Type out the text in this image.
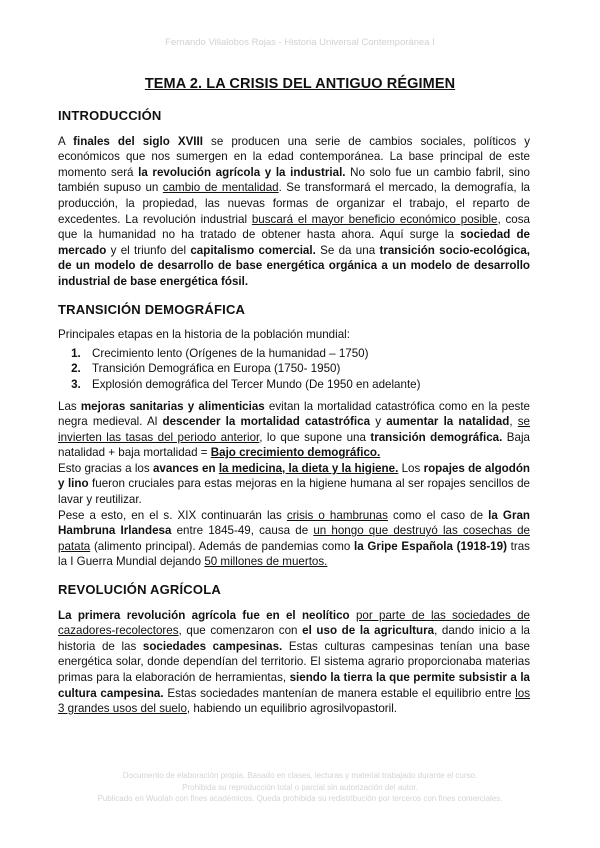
Fernando Villalobos Rojas - Historia Universal Contemporánea I
TEMA 2. LA CRISIS DEL ANTIGUO RÉGIMEN
INTRODUCCIÓN

A finales del siglo XVIII se producen una serie de cambios sociales, políticos y económicos que nos sumergen en la edad contemporánea. La base principal de este momento será la revolución agrícola y la industrial. No solo fue un cambio fabril, sino también supuso un cambio de mentalidad. Se transformará el mercado, la demografía, la producción, la propiedad, las nuevas formas de organizar el trabajo, el reparto de excedentes. La revolución industrial buscará el mayor beneficio económico posible, cosa que la humanidad no ha tratado de obtener hasta ahora. Aquí surge la sociedad de mercado y el triunfo del capitalismo comercial. Se da una transición socio-ecológica, de un modelo de desarrollo de base energética orgánica a un modelo de desarrollo industrial de base energética fósil.

TRANSICIÓN DEMOGRÁFICA

Principales etapas en la historia de la población mundial:

1. Crecimiento lento (Orígenes de la humanidad – 1750)
2. Transición Demográfica en Europa (1750- 1950)
3. Explosión demográfica del Tercer Mundo (De 1950 en adelante)

Las mejoras sanitarias y alimenticias evitan la mortalidad catastrófica como en la peste negra medieval. Al descender la mortalidad catastrófica y aumentar la natalidad, se invierten las tasas del periodo anterior, lo que supone una transición demográfica. Baja natalidad + baja mortalidad = Bajo crecimiento demográfico.

Esto gracias a los avances en la medicina, la dieta y la higiene. Los ropajes de algodón y lino fueron cruciales para estas mejoras en la higiene humana al ser ropajes sencillos de lavar y reutilizar.

Pese a esto, en el s. XIX continuarán las crisis o hambrunas como el caso de la Gran Hambruna Irlandesa entre 1845-49, causa de un hongo que destruyó las cosechas de patata (alimento principal). Además de pandemias como la Gripe Española (1918-19) tras la I Guerra Mundial dejando 50 millones de muertos.

REVOLUCIÓN AGRÍCOLA

La primera revolución agrícola fue en el neolítico por parte de las sociedades de cazadores-recolectores, que comenzaron con el uso de la agricultura, dando inicio a la historia de las sociedades campesinas. Estas culturas campesinas tenían una base energética solar, donde dependían del territorio. El sistema agrario proporcionaba materias primas para la elaboración de herramientas, siendo la tierra la que permite subsistir a la cultura campesina. Estas sociedades mantenían de manera estable el equilibrio entre los 3 grandes usos del suelo, habiendo un equilibrio agrosilvopastoril.

Documento de elaboración propia. Basado en clases, lecturas y material trabajado durante el curso.
Prohibida su reproducción total o parcial sin autorización del autor.
Publicado en Wuolah con fines académicos. Queda prohibida su redistribución por terceros con fines comerciales.
